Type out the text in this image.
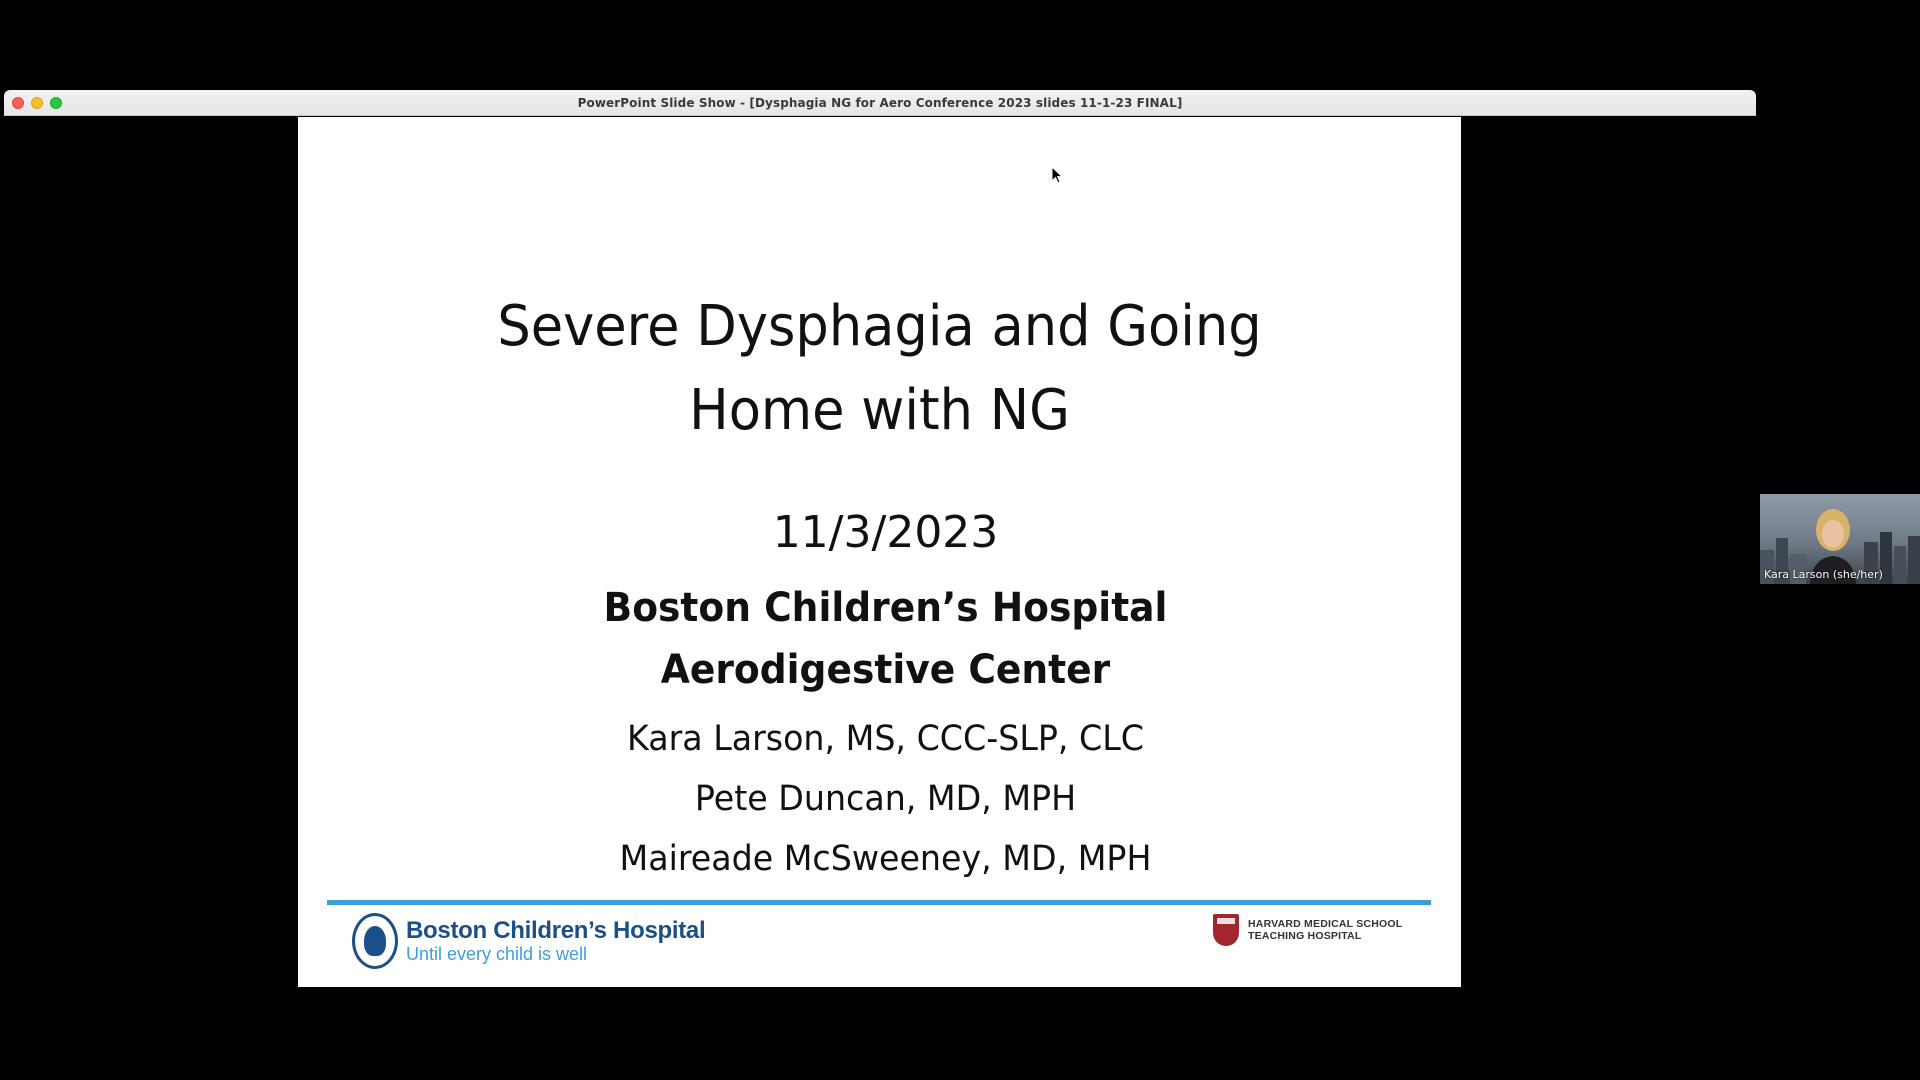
PowerPoint Slide Show - [Dysphagia NG for Aero Conference 2023 slides 11-1-23 FINAL]
Severe Dysphagia and Going
Home with NG
11/3/2023
Boston Children’s Hospital
Aerodigestive Center
Kara Larson, MS, CCC-SLP, CLC
Pete Duncan, MD, MPH
Maireade McSweeney, MD, MPH
Boston Children’s Hospital
Until every child is well
HARVARD MEDICAL SCHOOL
TEACHING HOSPITAL
Kara Larson (she/her)
